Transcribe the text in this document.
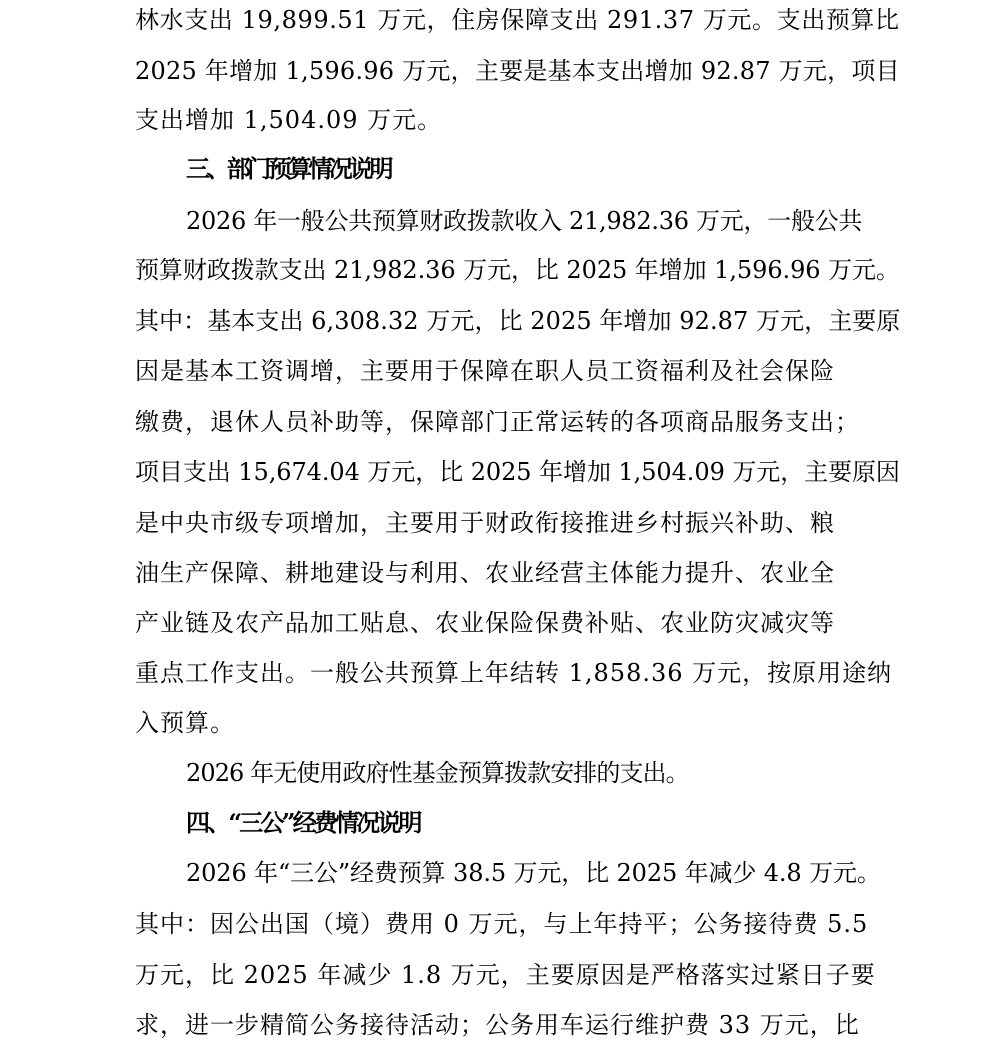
林水支出 19,899.51 万元，住房保障支出 291.37 万元。支出预算比
2025 年增加 1,596.96 万元，主要是基本支出增加 92.87 万元，项目
支出增加 1,504.09 万元。
三、部门预算情况说明
2026 年一般公共预算财政拨款收入 21,982.36 万元，一般公共
预算财政拨款支出 21,982.36 万元，比 2025 年增加 1,596.96 万元。
其中：基本支出 6,308.32 万元，比 2025 年增加 92.87 万元，主要原
因是基本工资调增，主要用于保障在职人员工资福利及社会保险
缴费，退休人员补助等，保障部门正常运转的各项商品服务支出；
项目支出 15,674.04 万元，比 2025 年增加 1,504.09 万元，主要原因
是中央市级专项增加，主要用于财政衔接推进乡村振兴补助、粮
油生产保障、耕地建设与利用、农业经营主体能力提升、农业全
产业链及农产品加工贴息、农业保险保费补贴、农业防灾减灾等
重点工作支出。一般公共预算上年结转 1,858.36 万元，按原用途纳
入预算。
2026 年无使用政府性基金预算拨款安排的支出。
四、“三公”经费情况说明
2026 年“三公”经费预算 38.5 万元，比 2025 年减少 4.8 万元。
其中：因公出国（境）费用 0 万元，与上年持平；公务接待费 5.5
万元，比 2025 年减少 1.8 万元，主要原因是严格落实过紧日子要
求，进一步精简公务接待活动；公务用车运行维护费 33 万元，比
